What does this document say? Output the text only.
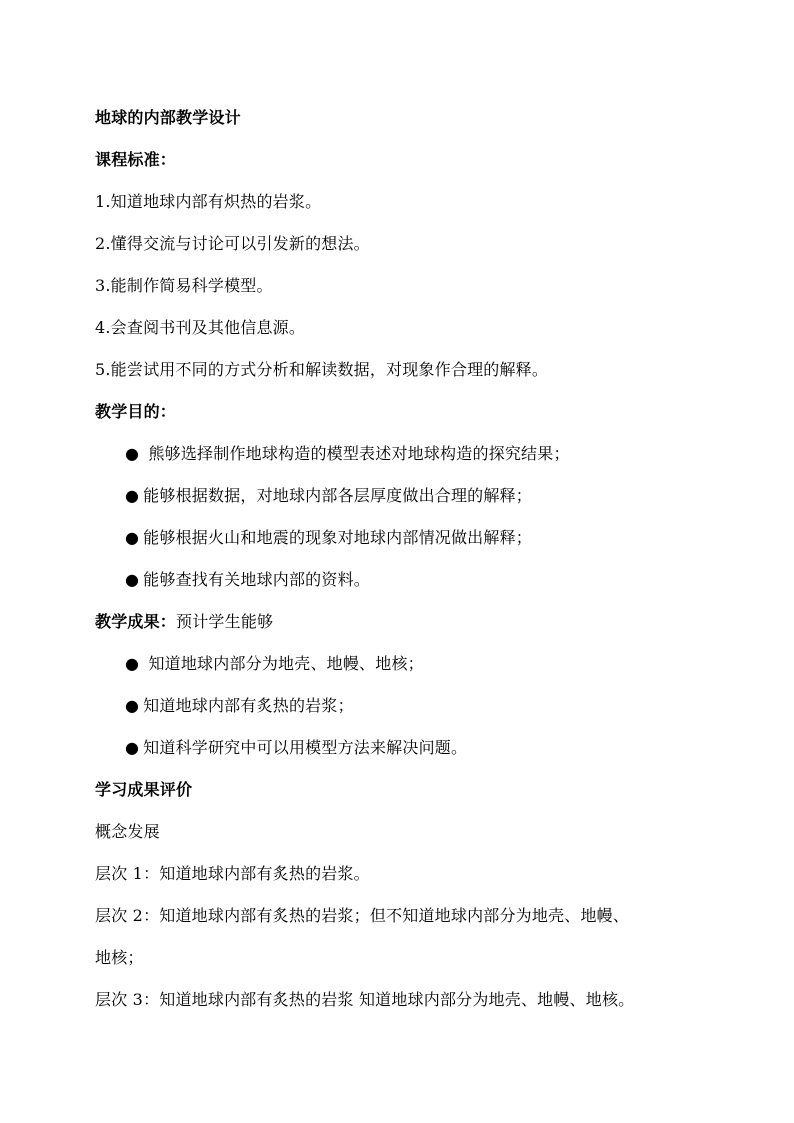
地球的内部教学设计
课程标准：
1.知道地球内部有炽热的岩浆。
2.懂得交流与讨论可以引发新的想法。
3.能制作简易科学模型。
4.会查阅书刊及其他信息源。
5.能尝试用不同的方式分析和解读数据，对现象作合理的解释。
教学目的：
● 熊够选择制作地球构造的模型表述对地球构造的探究结果；
● 能够根据数据，对地球内部各层厚度做出合理的解释；
● 能够根据火山和地震的现象对地球内部情况做出解释；
● 能够查找有关地球内部的资料。
教学成果：预计学生能够
● 知道地球内部分为地壳、地幔、地核；
● 知道地球内部有炙热的岩浆；
● 知道科学研究中可以用模型方法来解决问题。
学习成果评价
概念发展
层次 1：知道地球内部有炙热的岩浆。
层次 2：知道地球内部有炙热的岩浆；但不知道地球内部分为地壳、地幔、
地核；
层次 3：知道地球内部有炙热的岩浆 知道地球内部分为地壳、地幔、地核。
